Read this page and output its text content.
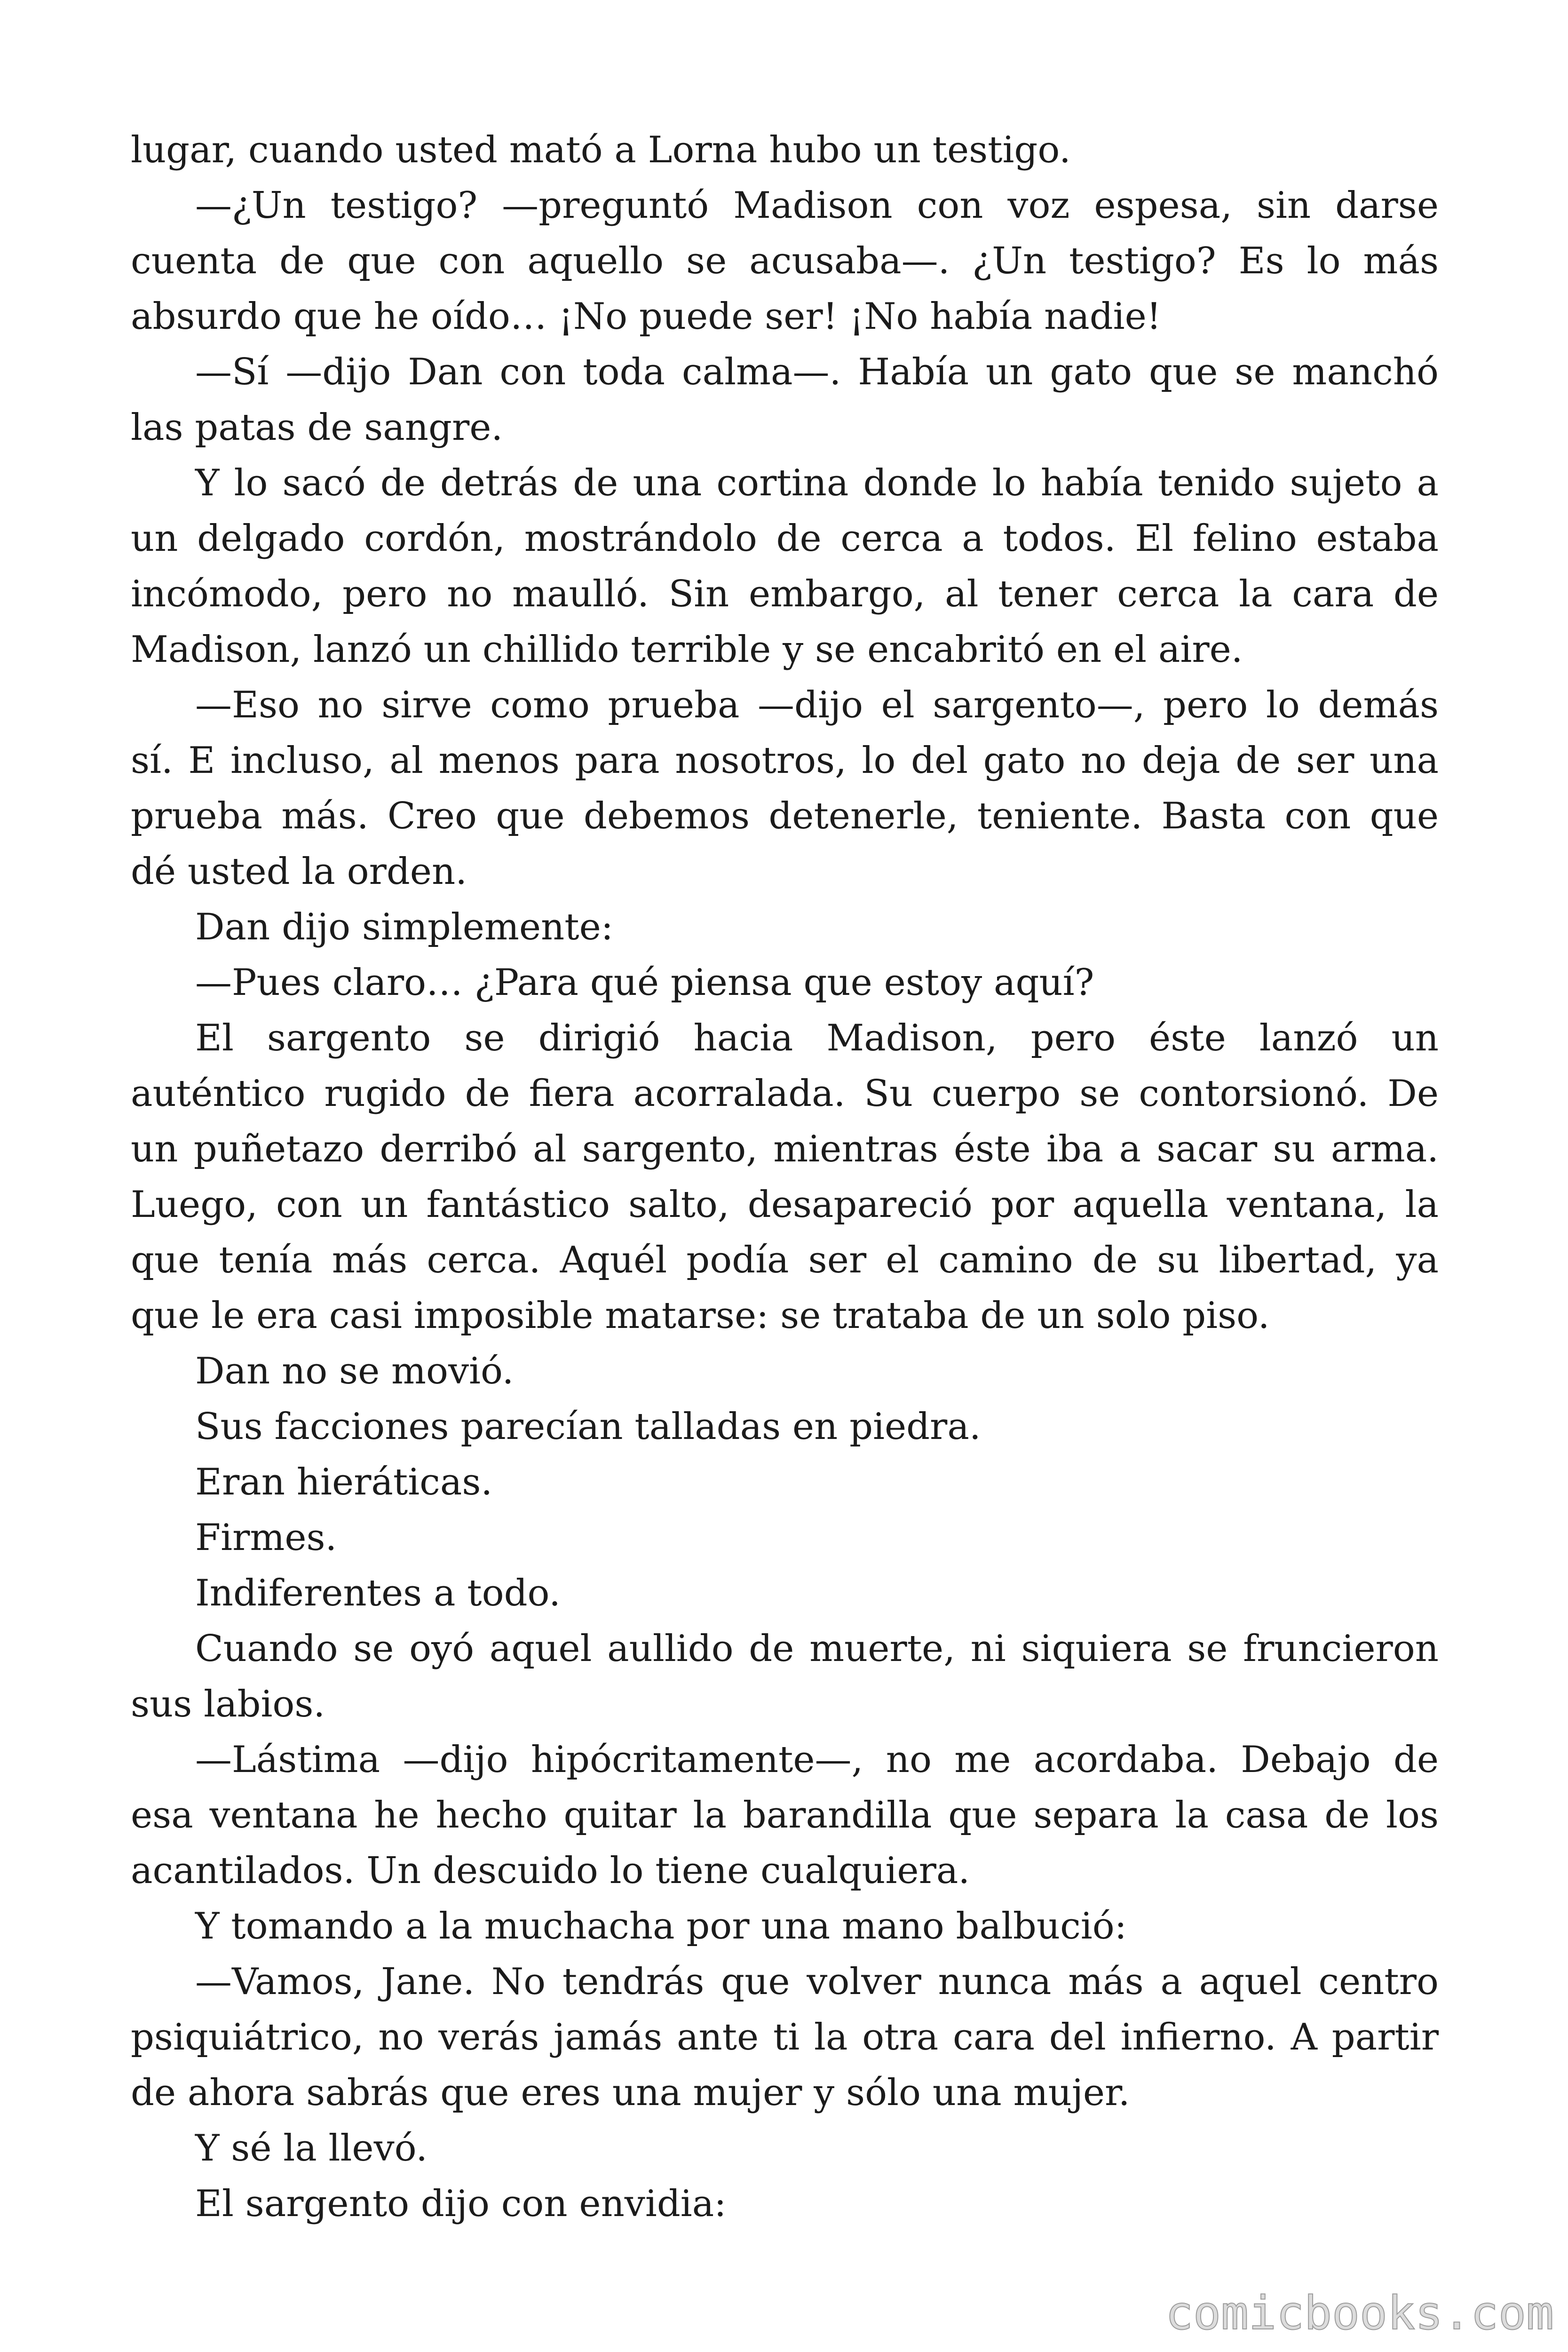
lugar, cuando usted mató a Lorna hubo un testigo.
—¿Un testigo? —preguntó Madison con voz espesa, sin darse
cuenta de que con aquello se acusaba—. ¿Un testigo? Es lo más
absurdo que he oído… ¡No puede ser! ¡No había nadie!
—Sí —dijo Dan con toda calma—. Había un gato que se manchó
las patas de sangre.
Y lo sacó de detrás de una cortina donde lo había tenido sujeto a
un delgado cordón, mostrándolo de cerca a todos. El felino estaba
incómodo, pero no maulló. Sin embargo, al tener cerca la cara de
Madison, lanzó un chillido terrible y se encabritó en el aire.
—Eso no sirve como prueba —dijo el sargento—, pero lo demás
sí. E incluso, al menos para nosotros, lo del gato no deja de ser una
prueba más. Creo que debemos detenerle, teniente. Basta con que
dé usted la orden.
Dan dijo simplemente:
—Pues claro… ¿Para qué piensa que estoy aquí?
El sargento se dirigió hacia Madison, pero éste lanzó un
auténtico rugido de fiera acorralada. Su cuerpo se contorsionó. De
un puñetazo derribó al sargento, mientras éste iba a sacar su arma.
Luego, con un fantástico salto, desapareció por aquella ventana, la
que tenía más cerca. Aquél podía ser el camino de su libertad, ya
que le era casi imposible matarse: se trataba de un solo piso.
Dan no se movió.
Sus facciones parecían talladas en piedra.
Eran hieráticas.
Firmes.
Indiferentes a todo.
Cuando se oyó aquel aullido de muerte, ni siquiera se fruncieron
sus labios.
—Lástima —dijo hipócritamente—, no me acordaba. Debajo de
esa ventana he hecho quitar la barandilla que separa la casa de los
acantilados. Un descuido lo tiene cualquiera.
Y tomando a la muchacha por una mano balbució:
—Vamos, Jane. No tendrás que volver nunca más a aquel centro
psiquiátrico, no verás jamás ante ti la otra cara del infierno. A partir
de ahora sabrás que eres una mujer y sólo una mujer.
Y sé la llevó.
El sargento dijo con envidia:
comicbooks.com
